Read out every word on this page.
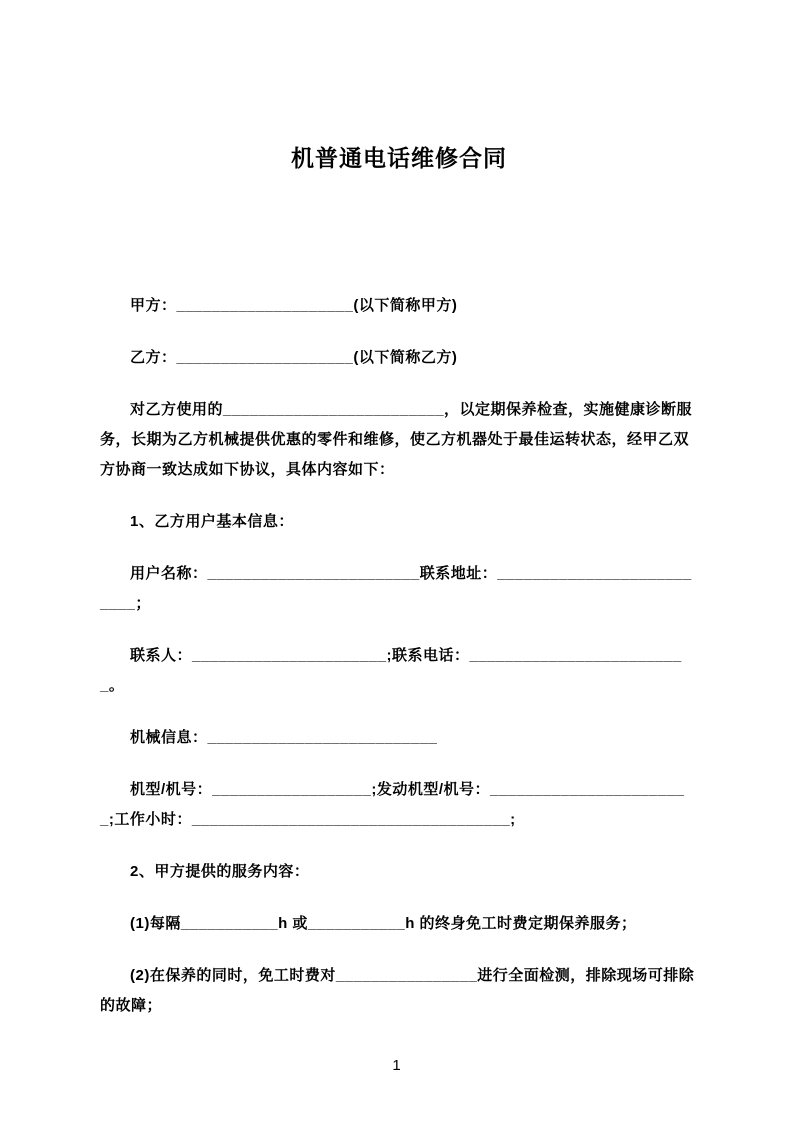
机普通电话维修合同

甲方：____________________(以下简称甲方)

乙方：____________________(以下简称乙方)

对乙方使用的_________________________，以定期保养检查，实施健康诊断服务，长期为乙方机械提供优惠的零件和维修，使乙方机器处于最佳运转状态，经甲乙双方协商一致达成如下协议，具体内容如下：

1、乙方用户基本信息：

用户名称：________________________联系地址：__________________________；

联系人：______________________;联系电话：_________________________。

机械信息：__________________________

机型/机号：__________________;发动机型/机号：_______________________;工作小时：____________________________________;

2、甲方提供的服务内容：

(1)每隔___________h 或___________h 的终身免工时费定期保养服务；

(2)在保养的同时，免工时费对________________进行全面检测，排除现场可排除的故障；

1
